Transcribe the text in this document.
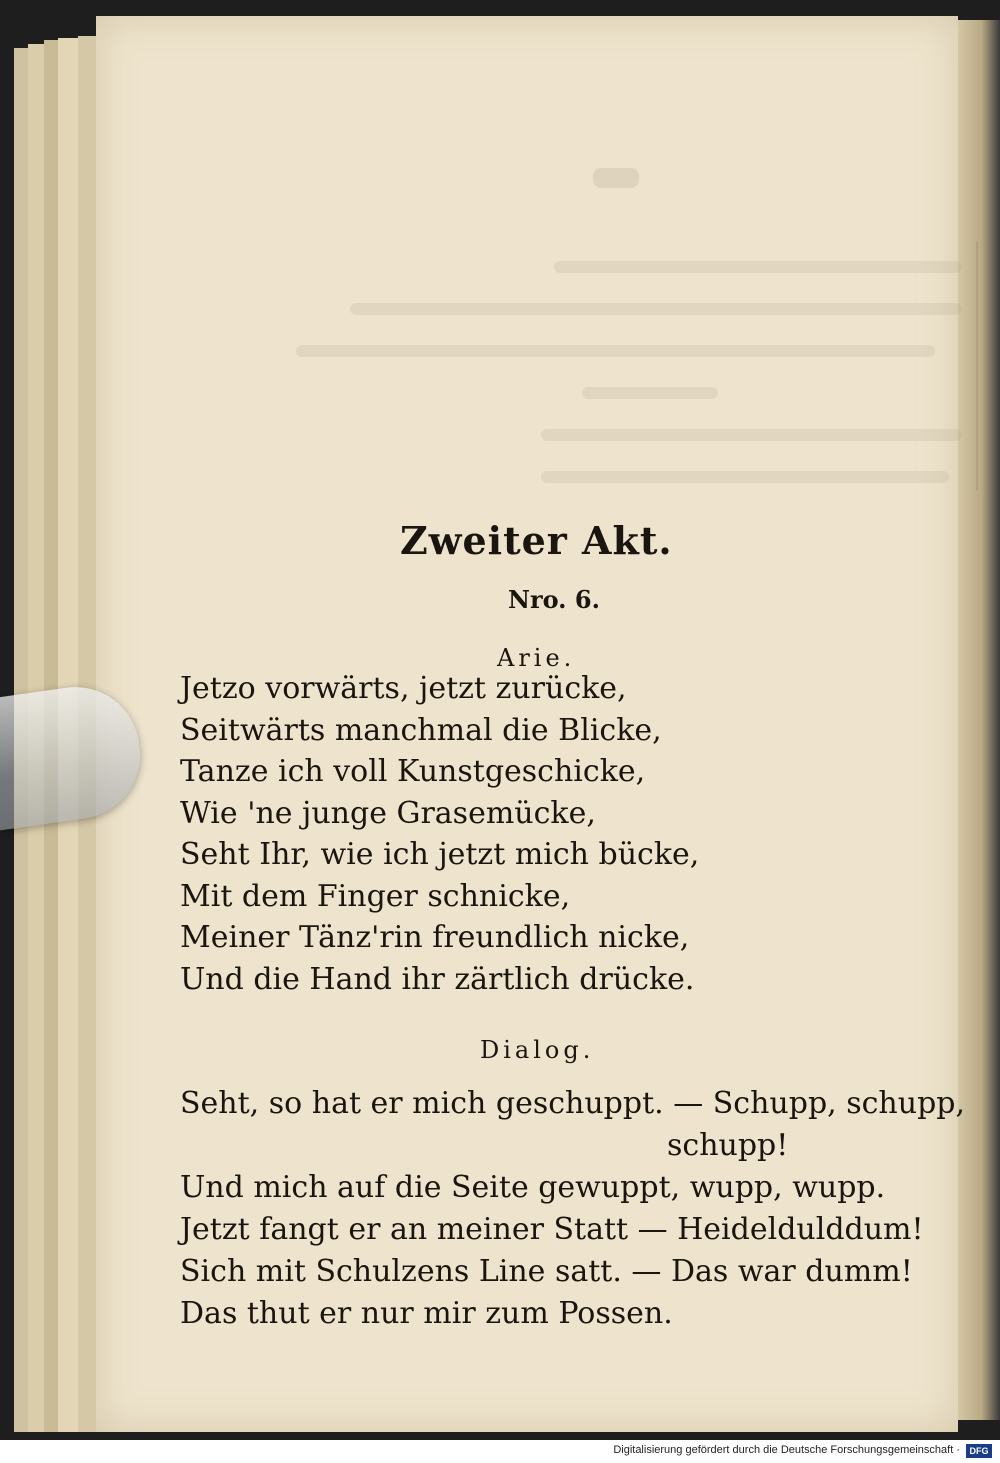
Zweiter Akt.
Nro. 6.
Arie.
Jetzo vorwärts, jetzt zurücke,
Seitwärts manchmal die Blicke,
Tanze ich voll Kunstgeschicke,
Wie 'ne junge Grasemücke,
Seht Ihr, wie ich jetzt mich bücke,
Mit dem Finger schnicke,
Meiner Tänz'rin freundlich nicke,
Und die Hand ihr zärtlich drücke.
Dialog.
Seht, so hat er mich geschuppt. — Schupp, schupp,
schupp!
Und mich auf die Seite gewuppt, wupp, wupp.
Jetzt fangt er an meiner Statt — Heideldulddum!
Sich mit Schulzens Line satt. — Das war dumm!
Das thut er nur mir zum Possen.
Digitalisierung gefördert durch die Deutsche Forschungsgemeinschaft ·	DFG
